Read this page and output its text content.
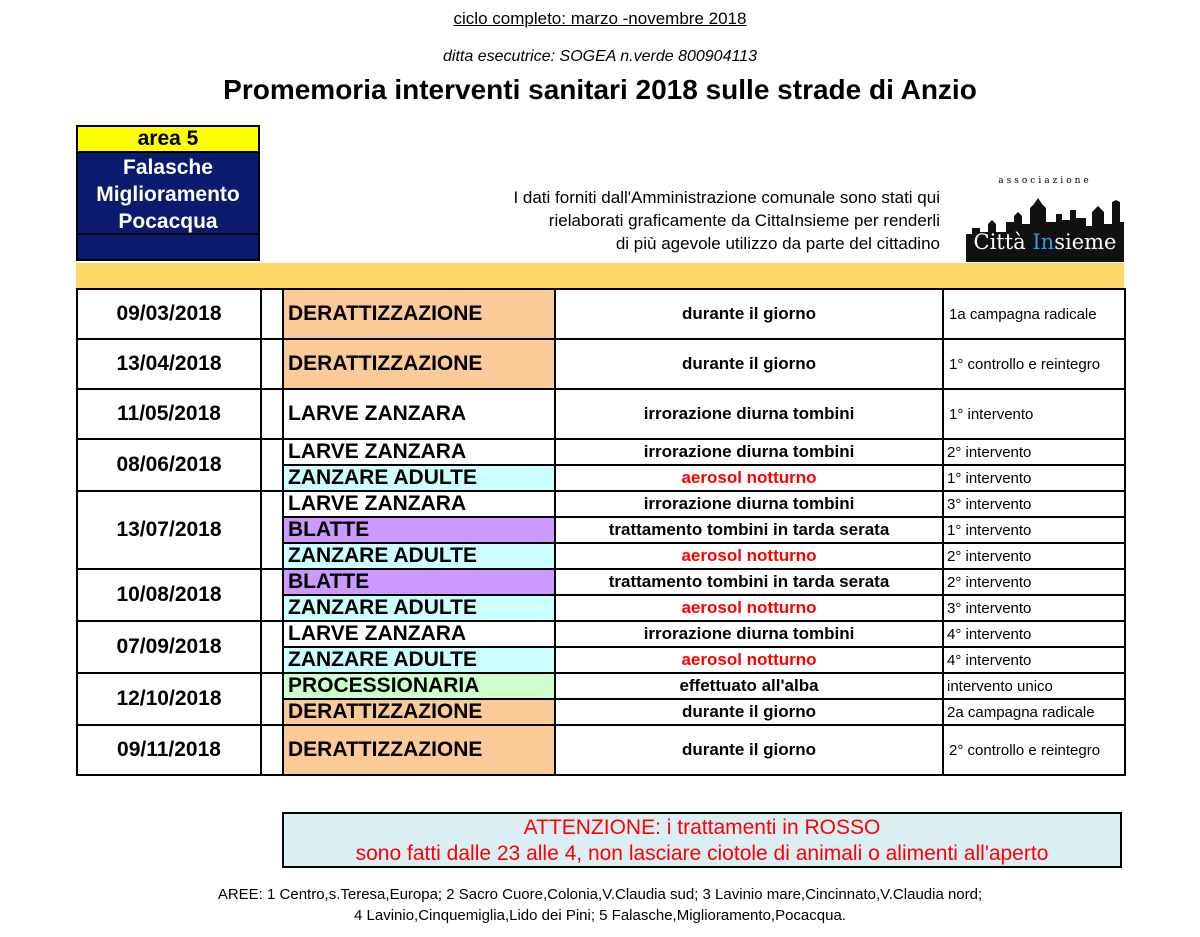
ciclo completo: marzo -novembre 2018
ditta esecutrice: SOGEA n.verde 800904113
Promemoria interventi sanitari 2018 sulle strade di Anzio
area 5
Falasche
Miglioramento
Pocacqua
I dati forniti dall'Amministrazione comunale sono stati qui
rielaborati graficamente da CittaInsieme per renderli
di più agevole utilizzo da parte del cittadino
associazione
Città Insieme
09/03/2018		DERATTIZZAZIONE	durante il giorno	1a campagna radicale
13/04/2018		DERATTIZZAZIONE	durante il giorno	1° controllo e reintegro
11/05/2018		LARVE ZANZARA	irrorazione diurna tombini	1° intervento
08/06/2018		LARVE ZANZARA	irrorazione diurna tombini	2° intervento
		ZANZARE ADULTE	aerosol notturno	1° intervento
13/07/2018		LARVE ZANZARA	irrorazione diurna tombini	3° intervento
		BLATTE	trattamento tombini in tarda serata	1° intervento
		ZANZARE ADULTE	aerosol notturno	2° intervento
10/08/2018		BLATTE	trattamento tombini in tarda serata	2° intervento
		ZANZARE ADULTE	aerosol notturno	3° intervento
07/09/2018		LARVE ZANZARA	irrorazione diurna tombini	4° intervento
		ZANZARE ADULTE	aerosol notturno	4° intervento
12/10/2018		PROCESSIONARIA	effettuato all'alba	intervento unico
		DERATTIZZAZIONE	durante il giorno	2a campagna radicale
09/11/2018		DERATTIZZAZIONE	durante il giorno	2° controllo e reintegro
ATTENZIONE: i trattamenti in ROSSO
sono fatti dalle 23 alle 4, non lasciare ciotole di animali o alimenti all'aperto
AREE: 1 Centro,s.Teresa,Europa; 2 Sacro Cuore,Colonia,V.Claudia sud; 3 Lavinio mare,Cincinnato,V.Claudia nord;
4 Lavinio,Cinquemiglia,Lido dei Pini; 5 Falasche,Miglioramento,Pocacqua.
